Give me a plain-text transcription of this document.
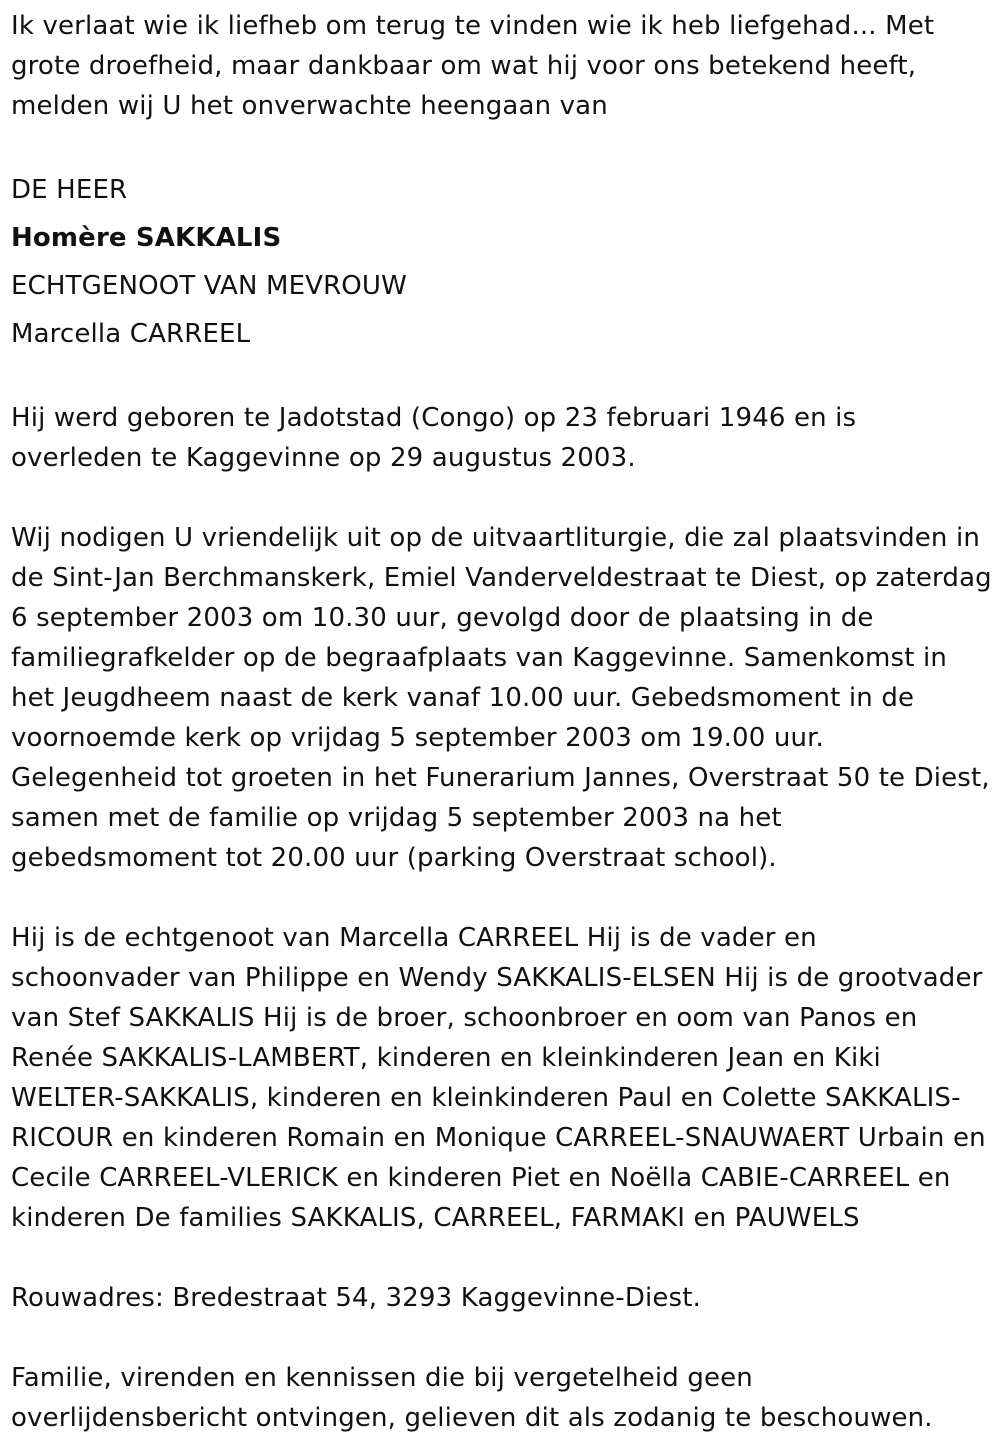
Ik verlaat wie ik liefheb om terug te vinden wie ik heb liefgehad... Met grote droefheid, maar dankbaar om wat hij voor ons betekend heeft, melden wij U het onverwachte heengaan van

DE HEER

Homère SAKKALIS

ECHTGENOOT VAN MEVROUW

Marcella CARREEL

Hij werd geboren te Jadotstad (Congo) op 23 februari 1946 en is overleden te Kaggevinne op 29 augustus 2003.

Wij nodigen U vriendelijk uit op de uitvaartliturgie, die zal plaatsvinden in de Sint-Jan Berchmanskerk, Emiel Vanderveldestraat te Diest, op zaterdag 6 september 2003 om 10.30 uur, gevolgd door de plaatsing in de familiegrafkelder op de begraafplaats van Kaggevinne. Samenkomst in het Jeugdheem naast de kerk vanaf 10.00 uur. Gebedsmoment in de voornoemde kerk op vrijdag 5 september 2003 om 19.00 uur. Gelegenheid tot groeten in het Funerarium Jannes, Overstraat 50 te Diest, samen met de familie op vrijdag 5 september 2003 na het gebedsmoment tot 20.00 uur (parking Overstraat school).

Hij is de echtgenoot van Marcella CARREEL Hij is de vader en schoonvader van Philippe en Wendy SAKKALIS-ELSEN Hij is de grootvader van Stef SAKKALIS Hij is de broer, schoonbroer en oom van Panos en Renée SAKKALIS-LAMBERT, kinderen en kleinkinderen Jean en Kiki WELTER-SAKKALIS, kinderen en kleinkinderen Paul en Colette SAKKALIS-RICOUR en kinderen Romain en Monique CARREEL-SNAUWAERT Urbain en Cecile CARREEL-VLERICK en kinderen Piet en Noëlla CABIE-CARREEL en kinderen De families SAKKALIS, CARREEL, FARMAKI en PAUWELS

Rouwadres: Bredestraat 54, 3293 Kaggevinne-Diest.

Familie, virenden en kennissen die bij vergetelheid geen overlijdensbericht ontvingen, gelieven dit als zodanig te beschouwen.
